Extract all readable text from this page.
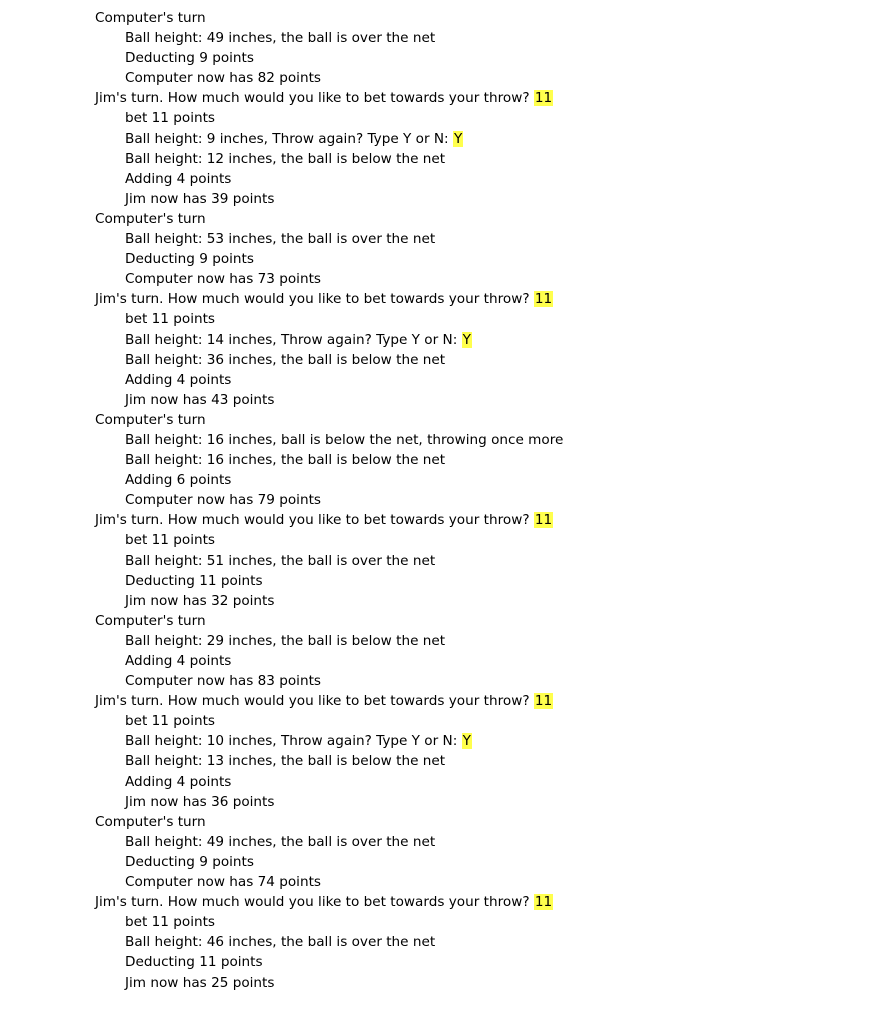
Computer's turn
Ball height: 49 inches, the ball is over the net
Deducting 9 points
Computer now has 82 points
Jim's turn. How much would you like to bet towards your throw? 11
bet 11 points
Ball height: 9 inches, Throw again? Type Y or N: Y
Ball height: 12 inches, the ball is below the net
Adding 4 points
Jim now has 39 points
Computer's turn
Ball height: 53 inches, the ball is over the net
Deducting 9 points
Computer now has 73 points
Jim's turn. How much would you like to bet towards your throw? 11
bet 11 points
Ball height: 14 inches, Throw again? Type Y or N: Y
Ball height: 36 inches, the ball is below the net
Adding 4 points
Jim now has 43 points
Computer's turn
Ball height: 16 inches, ball is below the net, throwing once more
Ball height: 16 inches, the ball is below the net
Adding 6 points
Computer now has 79 points
Jim's turn. How much would you like to bet towards your throw? 11
bet 11 points
Ball height: 51 inches, the ball is over the net
Deducting 11 points
Jim now has 32 points
Computer's turn
Ball height: 29 inches, the ball is below the net
Adding 4 points
Computer now has 83 points
Jim's turn. How much would you like to bet towards your throw? 11
bet 11 points
Ball height: 10 inches, Throw again? Type Y or N: Y
Ball height: 13 inches, the ball is below the net
Adding 4 points
Jim now has 36 points
Computer's turn
Ball height: 49 inches, the ball is over the net
Deducting 9 points
Computer now has 74 points
Jim's turn. How much would you like to bet towards your throw? 11
bet 11 points
Ball height: 46 inches, the ball is over the net
Deducting 11 points
Jim now has 25 points
